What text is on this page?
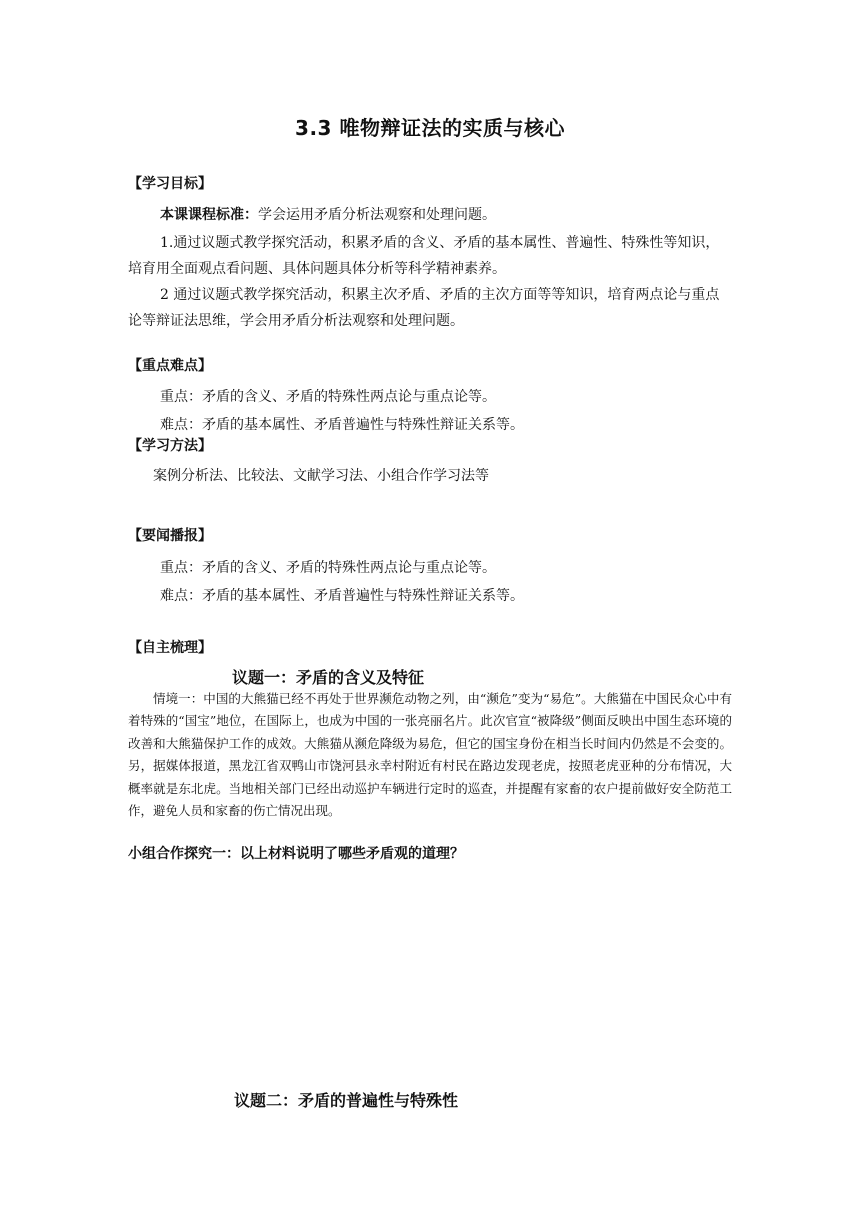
3.3 唯物辩证法的实质与核心
【学习目标】
本课课程标准：学会运用矛盾分析法观察和处理问题。
1.通过议题式教学探究活动，积累矛盾的含义、矛盾的基本属性、普遍性、特殊性等知识，培育用全面观点看问题、具体问题具体分析等科学精神素养。
2 通过议题式教学探究活动，积累主次矛盾、矛盾的主次方面等等知识，培育两点论与重点论等辩证法思维，学会用矛盾分析法观察和处理问题。
【重点难点】
重点：矛盾的含义、矛盾的特殊性两点论与重点论等。
难点：矛盾的基本属性、矛盾普遍性与特殊性辩证关系等。
【学习方法】
案例分析法、比较法、文献学习法、小组合作学习法等
【要闻播报】
重点：矛盾的含义、矛盾的特殊性两点论与重点论等。
难点：矛盾的基本属性、矛盾普遍性与特殊性辩证关系等。
【自主梳理】
议题一：矛盾的含义及特征
情境一：中国的大熊猫已经不再处于世界濒危动物之列，由“濒危”变为“易危”。大熊猫在中国民众心中有着特殊的“国宝”地位，在国际上，也成为中国的一张亮丽名片。此次官宣“被降级”侧面反映出中国生态环境的改善和大熊猫保护工作的成效。大熊猫从濒危降级为易危，但它的国宝身份在相当长时间内仍然是不会变的。另，据媒体报道，黑龙江省双鸭山市饶河县永幸村附近有村民在路边发现老虎，按照老虎亚种的分布情况，大概率就是东北虎。当地相关部门已经出动巡护车辆进行定时的巡查，并提醒有家畜的农户提前做好安全防范工作，避免人员和家畜的伤亡情况出现。
小组合作探究一：以上材料说明了哪些矛盾观的道理？
议题二：矛盾的普遍性与特殊性
